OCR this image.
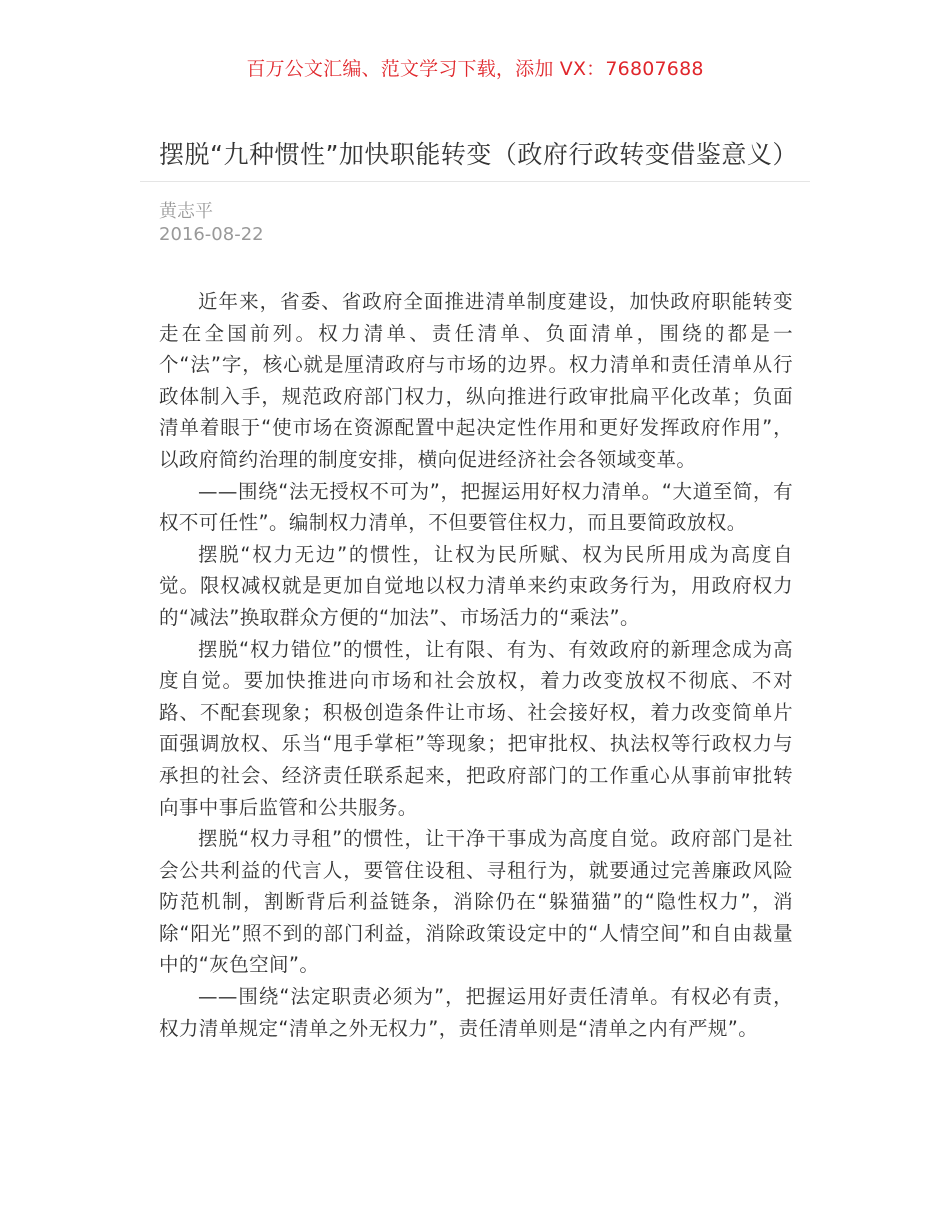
百万公文汇编、范文学习下载，添加 VX：76807688
摆脱“九种惯性”加快职能转变（政府行政转变借鉴意义）
黄志平
2016-08-22

近年来，省委、省政府全面推进清单制度建设，加快政府职能转变走在全国前列。权力清单、责任清单、负面清单，围绕的都是一个“法”字，核心就是厘清政府与市场的边界。权力清单和责任清单从行政体制入手，规范政府部门权力，纵向推进行政审批扁平化改革；负面清单着眼于“使市场在资源配置中起决定性作用和更好发挥政府作用”，以政府简约治理的制度安排，横向促进经济社会各领域变革。

——围绕“法无授权不可为”，把握运用好权力清单。“大道至简，有权不可任性”。编制权力清单，不但要管住权力，而且要简政放权。

摆脱“权力无边”的惯性，让权为民所赋、权为民所用成为高度自觉。限权减权就是更加自觉地以权力清单来约束政务行为，用政府权力的“减法”换取群众方便的“加法”、市场活力的“乘法”。

摆脱“权力错位”的惯性，让有限、有为、有效政府的新理念成为高度自觉。要加快推进向市场和社会放权，着力改变放权不彻底、不对路、不配套现象；积极创造条件让市场、社会接好权，着力改变简单片面强调放权、乐当“甩手掌柜”等现象；把审批权、执法权等行政权力与承担的社会、经济责任联系起来，把政府部门的工作重心从事前审批转向事中事后监管和公共服务。

摆脱“权力寻租”的惯性，让干净干事成为高度自觉。政府部门是社会公共利益的代言人，要管住设租、寻租行为，就要通过完善廉政风险防范机制，割断背后利益链条，消除仍在“躲猫猫”的“隐性权力”，消除“阳光”照不到的部门利益，消除政策设定中的“人情空间”和自由裁量中的“灰色空间”。

——围绕“法定职责必须为”，把握运用好责任清单。有权必有责，权力清单规定“清单之外无权力”，责任清单则是“清单之内有严规”。
